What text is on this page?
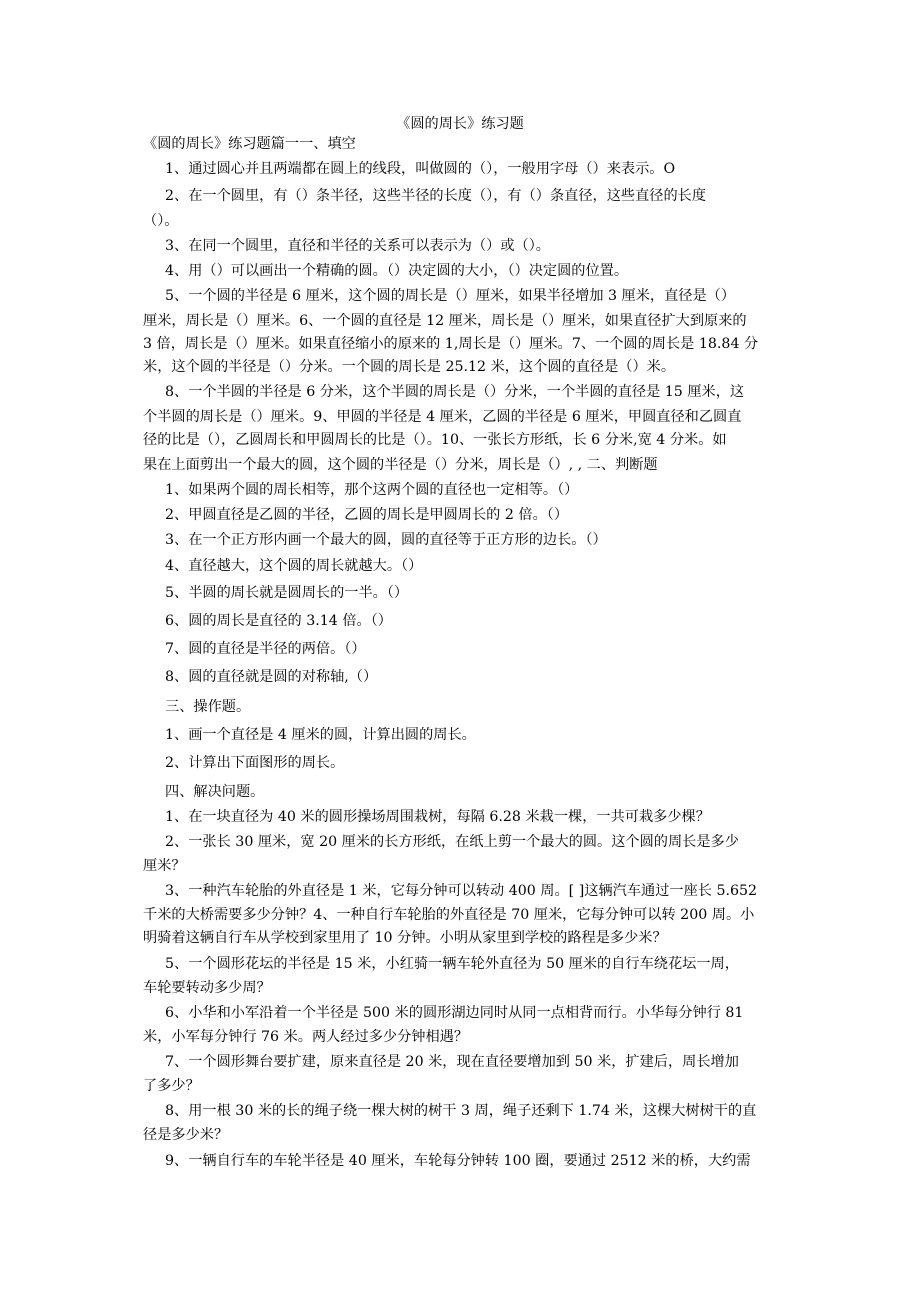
《圆的周长》练习题
《圆的周长》练习题篇一一、填空
1、通过圆心并且两端都在圆上的线段，叫做圆的（），一般用字母（）来表示。O
2、在一个圆里，有（）条半径，这些半径的长度（），有（）条直径，这些直径的长度
（）。
3、在同一个圆里，直径和半径的关系可以表示为（）或（）。
4、用（）可以画出一个精确的圆。（）决定圆的大小，（）决定圆的位置。
5、一个圆的半径是 6 厘米，这个圆的周长是（）厘米，如果半径增加 3 厘米，直径是（）
厘米，周长是（）厘米。6、一个圆的直径是 12 厘米，周长是（）厘米，如果直径扩大到原来的
3 倍，周长是（）厘米。如果直径缩小的原来的 1,周长是（）厘米。7、一个圆的周长是 18.84 分
米，这个圆的半径是（）分米。一个圆的周长是 25.12 米，这个圆的直径是（）米。
8、一个半圆的半径是 6 分米，这个半圆的周长是（）分米，一个半圆的直径是 15 厘米，这
个半圆的周长是（）厘米。9、甲圆的半径是 4 厘米，乙圆的半径是 6 厘米，甲圆直径和乙圆直
径的比是（），乙圆周长和甲圆周长的比是（）。10、一张长方形纸，长 6 分米,宽 4 分米。如
果在上面剪出一个最大的圆，这个圆的半径是（）分米，周长是（）, , 二、判断题
1、如果两个圆的周长相等，那个这两个圆的直径也一定相等。（）
2、甲圆直径是乙圆的半径，乙圆的周长是甲圆周长的 2 倍。（）
3、在一个正方形内画一个最大的圆，圆的直径等于正方形的边长。（）
4、直径越大，这个圆的周长就越大。（）
5、半圆的周长就是圆周长的一半。（）
6、圆的周长是直径的 3.14 倍。（）
7、圆的直径是半径的两倍。（）
8、圆的直径就是圆的对称轴,（）
三、操作题。
1、画一个直径是 4 厘米的圆，计算出圆的周长。
2、计算出下面图形的周长。
四、解决问题。
1、在一块直径为 40 米的圆形操场周围栽树，每隔 6.28 米栽一棵，一共可栽多少棵？
2、一张长 30 厘米，宽 20 厘米的长方形纸，在纸上剪一个最大的圆。这个圆的周长是多少
厘米？
3、一种汽车轮胎的外直径是 1 米，它每分钟可以转动 400 周。[ ]这辆汽车通过一座长 5.652
千米的大桥需要多少分钟？4、一种自行车轮胎的外直径是 70 厘米，它每分钟可以转 200 周。小
明骑着这辆自行车从学校到家里用了 10 分钟。小明从家里到学校的路程是多少米？
5、一个圆形花坛的半径是 15 米，小红骑一辆车轮外直径为 50 厘米的自行车绕花坛一周，
车轮要转动多少周？
6、小华和小军沿着一个半径是 500 米的圆形湖边同时从同一点相背而行。小华每分钟行 81
米，小军每分钟行 76 米。两人经过多少分钟相遇？
7、一个圆形舞台要扩建，原来直径是 20 米，现在直径要增加到 50 米，扩建后，周长增加
了多少？
8、用一根 30 米的长的绳子绕一棵大树的树干 3 周，绳子还剩下 1.74 米，这棵大树树干的直
径是多少米？
9、一辆自行车的车轮半径是 40 厘米，车轮每分钟转 100 圈，要通过 2512 米的桥，大约需
